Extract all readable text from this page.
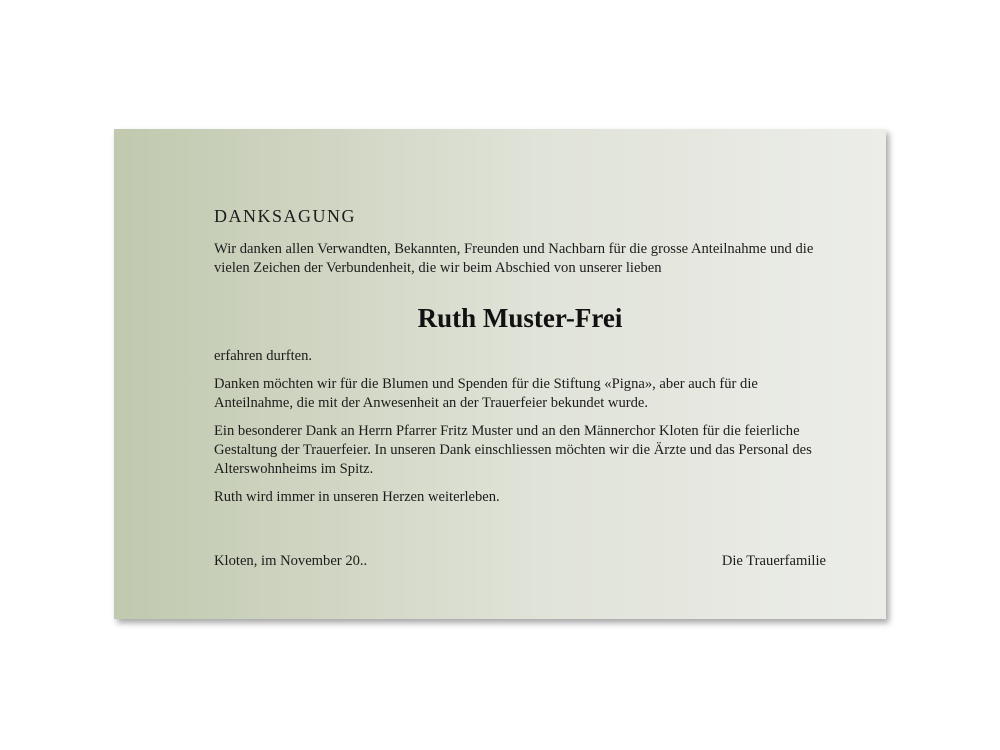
DANKSAGUNG

Wir danken allen Verwandten, Bekannten, Freunden und Nachbarn für die grosse Anteilnahme und die vielen Zeichen der Verbundenheit, die wir beim Abschied von unserer lieben

Ruth Muster-Frei

erfahren durften.

Danken möchten wir für die Blumen und Spenden für die Stiftung «Pigna», aber auch für die Anteilnahme, die mit der Anwesenheit an der Trauerfeier bekundet wurde.

Ein besonderer Dank an Herrn Pfarrer Fritz Muster und an den Männerchor Kloten für die feierliche Gestaltung der Trauerfeier. In unseren Dank einschliessen möchten wir die Ärzte und das Personal des Alterswohnheims im Spitz.

Ruth wird immer in unseren Herzen weiterleben.

Kloten, im November 20..	Die Trauerfamilie
